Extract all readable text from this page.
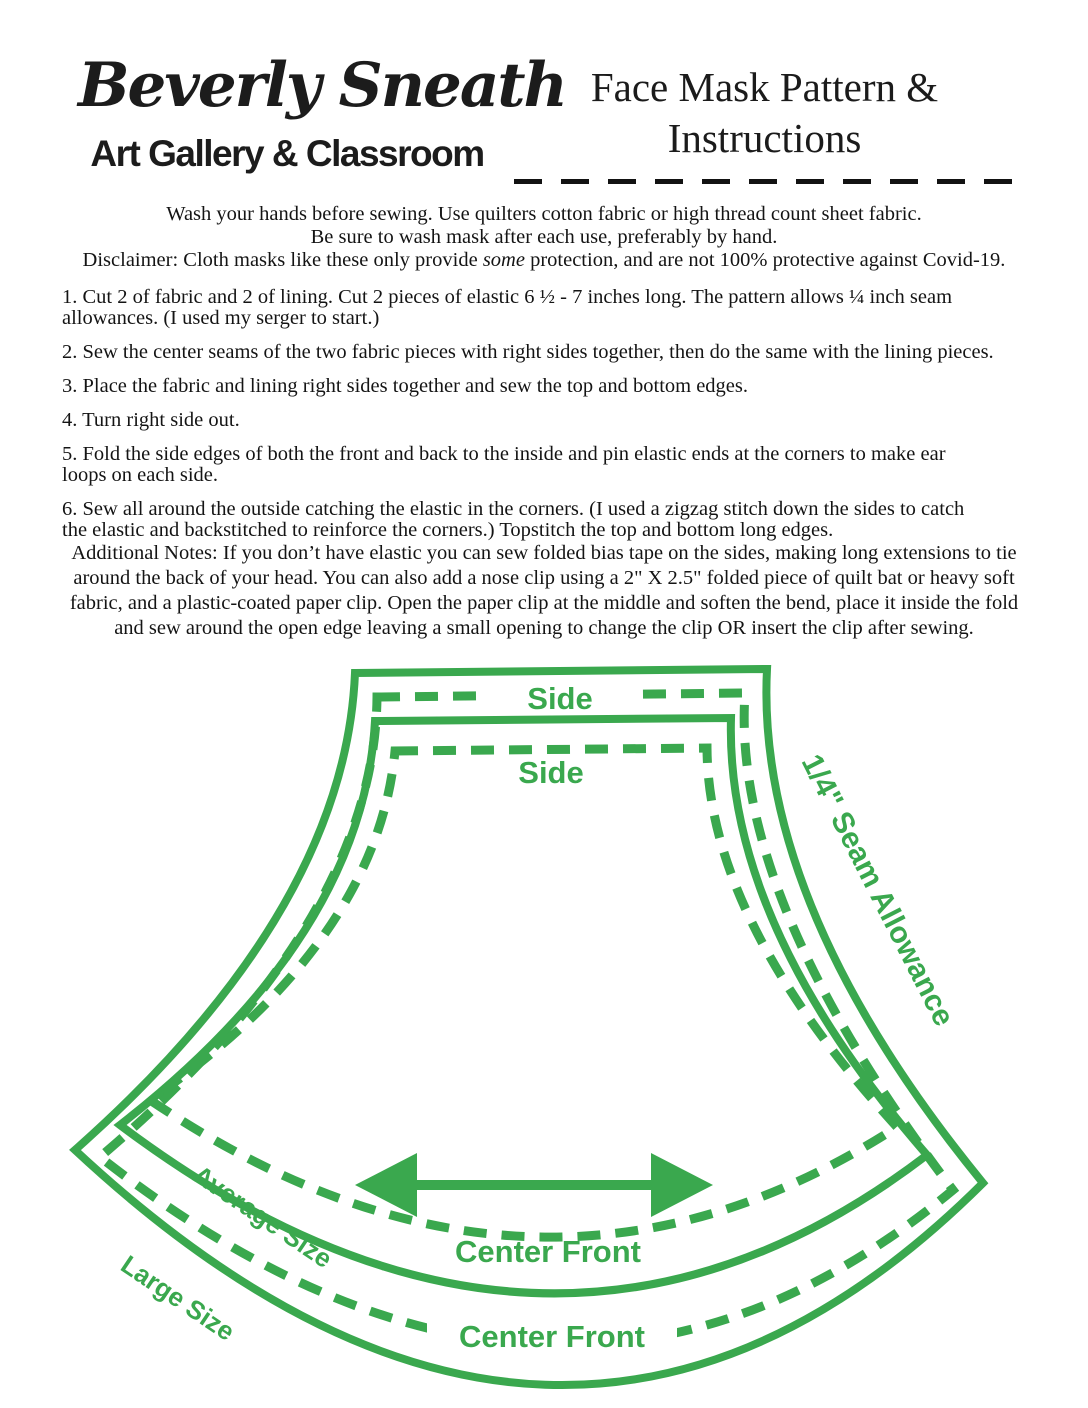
Beverly Sneath
Art Gallery & Classroom
Face Mask Pattern &
Instructions
Wash your hands before sewing. Use quilters cotton fabric or high thread count sheet fabric.
Be sure to wash mask after each use, preferably by hand.
Disclaimer: Cloth masks like these only provide some protection, and are not 100% protective against Covid-19.
1. Cut 2 of fabric and 2 of lining. Cut 2 pieces of elastic 6 ½ - 7 inches long. The pattern allows ¼ inch seam
allowances. (I used my serger to start.)
2. Sew the center seams of the two fabric pieces with right sides together, then do the same with the lining pieces.
3. Place the fabric and lining right sides together and sew the top and bottom edges.
4. Turn right side out.
5. Fold the side edges of both the front and back to the inside and pin elastic ends at the corners to make ear
loops on each side.
6. Sew all around the outside catching the elastic in the corners. (I used a zigzag stitch down the sides to catch
the elastic and backstitched to reinforce the corners.) Topstitch the top and bottom long edges.
Additional Notes: If you don’t have elastic you can sew folded bias tape on the sides, making long extensions to tie
around the back of your head. You can also add a nose clip using a 2" X 2.5" folded piece of quilt bat or heavy soft
fabric, and a plastic-coated paper clip. Open the paper clip at the middle and soften the bend, place it inside the fold
and sew around the open edge leaving a small opening to change the clip OR insert the clip after sewing.
Side
Side	1/4" Seam Allowance
Average Size
Large Size	Center Front
Center Front
